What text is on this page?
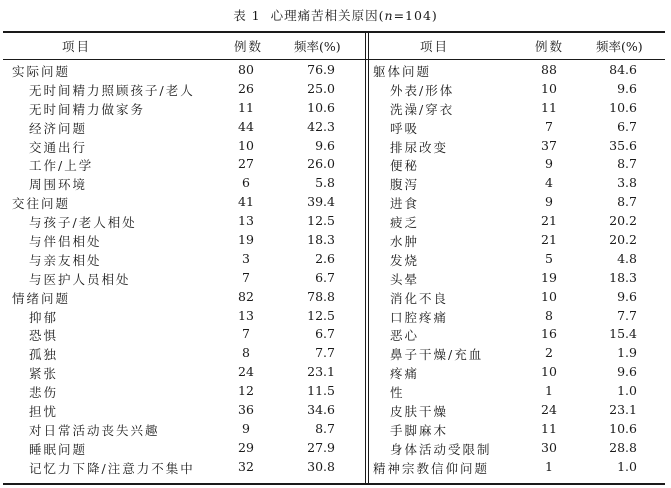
表 1 心理痛苦相关原因(n=104)
项目	例数 频率(%)	项目	例数	频率(%)
实际问题	80	76.9
无时间精力照顾孩子/老人	26	25.0
无时间精力做家务	11	10.6
经济问题	44	42.3
交通出行	10	9.6
工作/上学	27	26.0
周围环境	6	5.8
交往问题	41	39.4
与孩子/老人相处	13	12.5
与伴侣相处	19	18.3
与亲友相处	3	2.6
与医护人员相处	7	6.7
情绪问题	82	78.8
抑郁	13	12.5
恐惧	7	6.7
孤独	8	7.7
紧张	24	23.1
悲伤	12	11.5
担忧	36	34.6
对日常活动丧失兴趣	9	8.7
睡眠问题	29	27.9
记忆力下降/注意力不集中	32	30.8
躯体问题	88	84.6
外表/形体	10	9.6
洗澡/穿衣	11	10.6
呼吸	7	6.7
排尿改变	37	35.6
便秘	9	8.7
腹泻	4	3.8
进食	9	8.7
疲乏	21	20.2
水肿	21	20.2
发烧	5	4.8
头晕	19	18.3
消化不良	10	9.6
口腔疼痛	8	7.7
恶心	16	15.4
鼻子干燥/充血	2	1.9
疼痛	10	9.6
性	1	1.0
皮肤干燥	24	23.1
手脚麻木	11	10.6
身体活动受限制	30	28.8
精神宗教信仰问题	1	1.0
